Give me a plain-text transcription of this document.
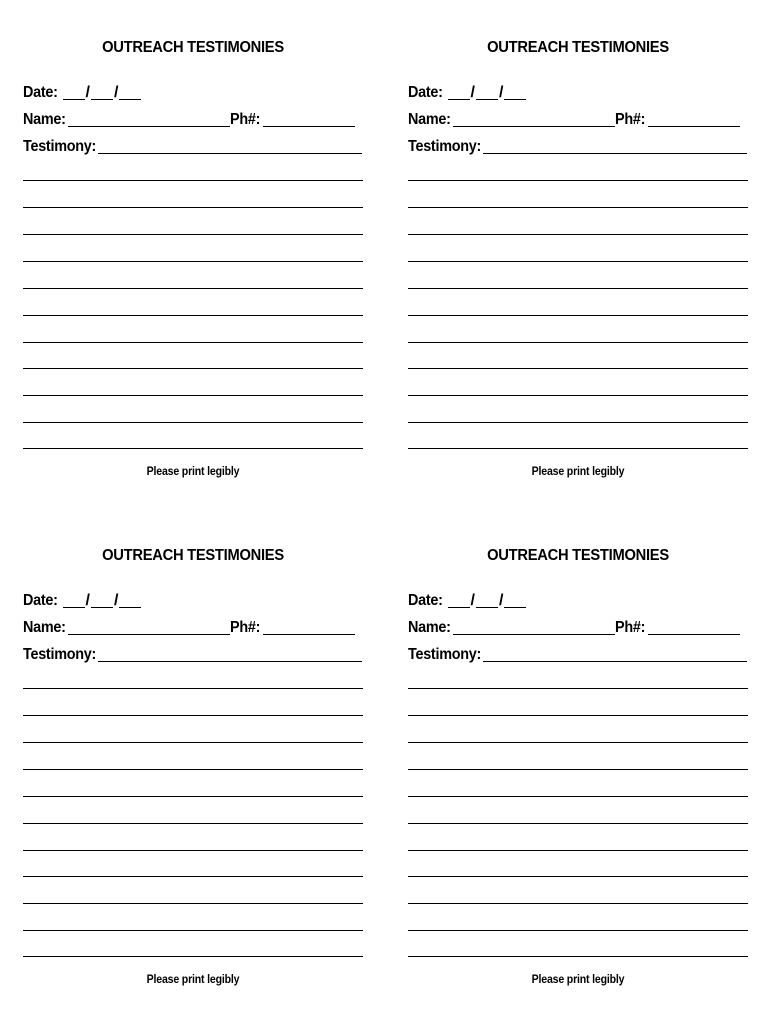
OUTREACH TESTIMONIES
Date: / /
Name:	Ph#:
Testimony:
Please print legibly
OUTREACH TESTIMONIES
Date: / /
Name:	Ph#:
Testimony:
Please print legibly
OUTREACH TESTIMONIES
Date: / /
Name:	Ph#:
Testimony:
Please print legibly
OUTREACH TESTIMONIES
Date: / /
Name:	Ph#:
Testimony:
Please print legibly
